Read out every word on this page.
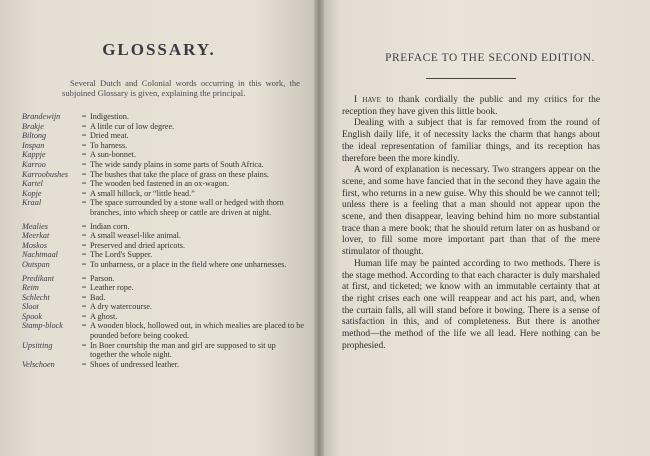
GLOSSARY.
Several Dutch and Colonial words occurring in this work, the subjoined Glossary is given, explaining the principal.
Brandewijn	= Indigestion.
Brakje	= A little cur of low degree.
Biltong	= Dried meat.
Inspan	= To harness.
Kappje	= A sun-bonnet.
Karroo	= The wide sandy plains in some parts of South Africa.
Karroobushes	= The bushes that take the place of grass on these plains.
Kartel	= The wooden bed fastened in an ox-wagon.
Kopje	= A small hillock, or “little head.”
Kraal	= The space surrounded by a stone wall or hedged with thorn branches, into which sheep or cattle are driven at night.
Mealies	= Indian corn.
Meerkat	= A small weasel-like animal.
Moskos	= Preserved and dried apricots.
Nachtmaal	= The Lord's Supper.
Outspan	= To unharness, or a place in the field where one unharnesses.
Predikant	= Parson.
Reim	= Leather rope.
Schlecht	= Bad.
Sloot	= A dry watercourse.
Spook	= A ghost.
Stamp-block	= A wooden block, hollowed out, in which mealies are placed to be pounded before being cooked.
Upsitting	= In Boer courtship the man and girl are supposed to sit up together the whole night.
Velschoen	= Shoes of undressed leather.
PREFACE TO THE SECOND EDITION.

I have to thank cordially the public and my critics for the reception they have given this little book.

Dealing with a subject that is far removed from the round of English daily life, it of necessity lacks the charm that hangs about the ideal representation of familiar things, and its reception has therefore been the more kindly.

A word of explanation is necessary. Two strangers appear on the scene, and some have fancied that in the second they have again the first, who returns in a new guise. Why this should be we cannot tell; unless there is a feeling that a man should not appear upon the scene, and then disappear, leaving behind him no more substantial trace than a mere book; that he should return later on as husband or lover, to fill some more important part than that of the mere stimulator of thought.

Human life may be painted according to two methods. There is the stage method. According to that each character is duly marshaled at first, and ticketed; we know with an immutable certainty that at the right crises each one will reappear and act his part, and, when the curtain falls, all will stand before it bowing. There is a sense of satisfaction in this, and of completeness. But there is another method—the method of the life we all lead. Here nothing can be prophesied.
